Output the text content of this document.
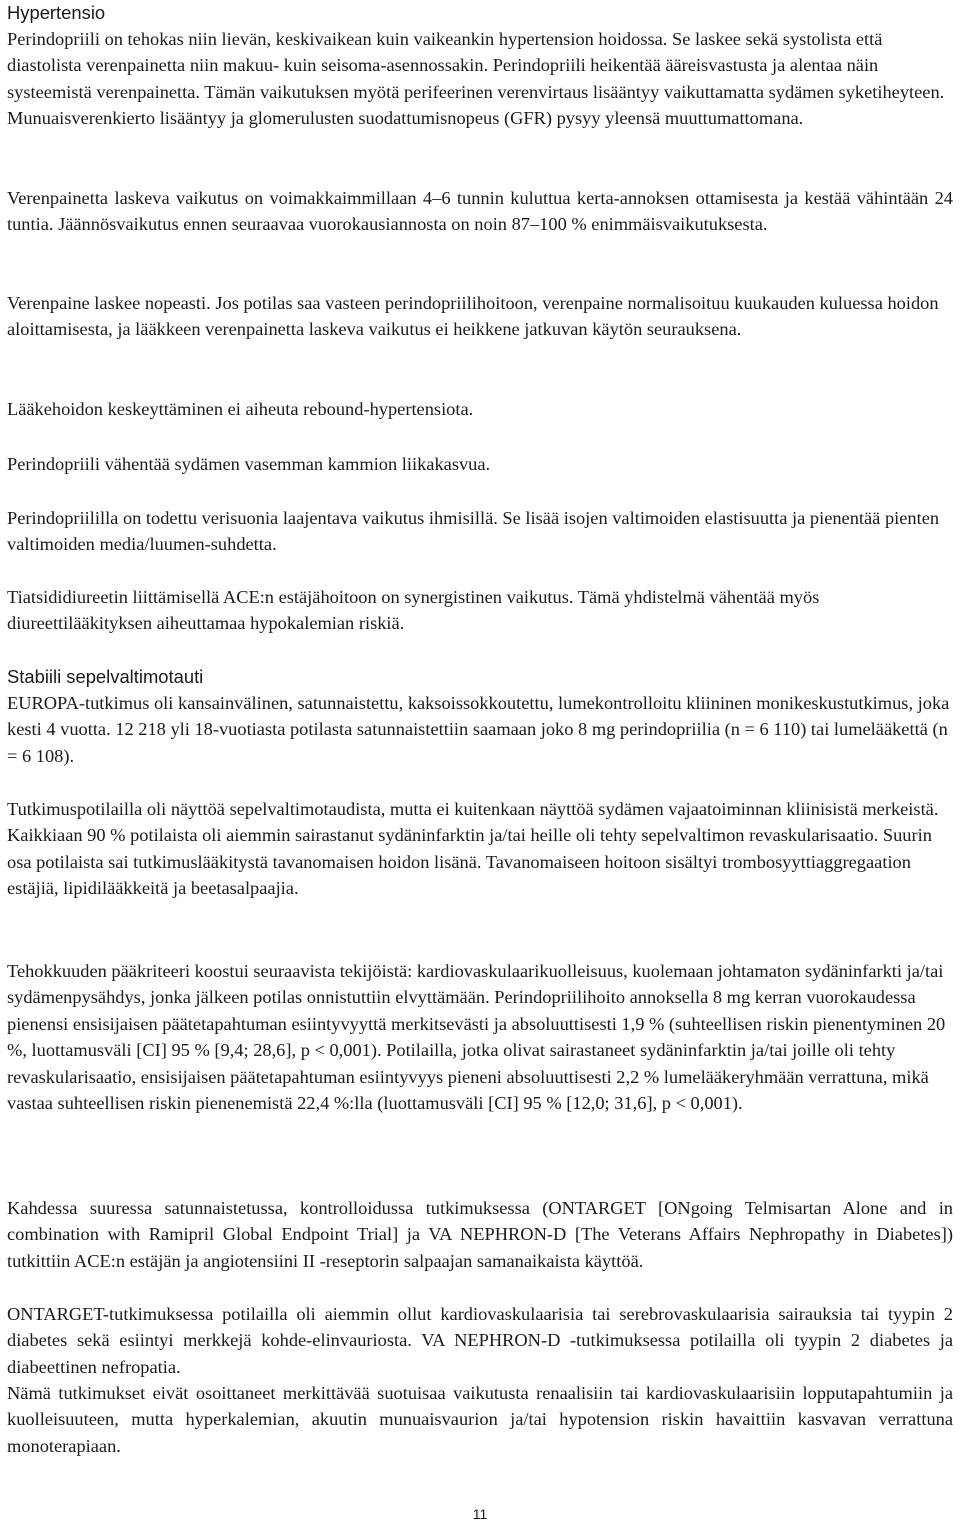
Hypertensio
Perindopriili on tehokas niin lievän, keskivaikean kuin vaikeankin hypertension hoidossa. Se laskee sekä systolista että diastolista verenpainetta niin makuu- kuin seisoma-asennossakin. Perindopriili heikentää ääreisvastusta ja alentaa näin systeemistä verenpainetta. Tämän vaikutuksen myötä perifeerinen verenvirtaus lisääntyy vaikuttamatta sydämen syketiheyteen. Munuaisverenkierto lisääntyy ja glomerulusten suodattumisnopeus (GFR) pysyy yleensä muuttumattomana.
Verenpainetta laskeva vaikutus on voimakkaimmillaan 4–6 tunnin kuluttua kerta-annoksen ottamisesta ja kestää vähintään 24 tuntia. Jäännösvaikutus ennen seuraavaa vuorokausiannosta on noin 87–100 % enimmäisvaikutuksesta.
Verenpaine laskee nopeasti. Jos potilas saa vasteen perindopriilihoitoon, verenpaine normalisoituu kuukauden kuluessa hoidon aloittamisesta, ja lääkkeen verenpainetta laskeva vaikutus ei heikkene jatkuvan käytön seurauksena.
Lääkehoidon keskeyttäminen ei aiheuta rebound-hypertensiota.
Perindopriili vähentää sydämen vasemman kammion liikakasvua.
Perindopriililla on todettu verisuonia laajentava vaikutus ihmisillä. Se lisää isojen valtimoiden elastisuutta ja pienentää pienten valtimoiden media/luumen-suhdetta.
Tiatsididiureetin liittämisellä ACE:n estäjähoitoon on synergistinen vaikutus. Tämä yhdistelmä vähentää myös diureettilääkityksen aiheuttamaa hypokalemian riskiä.
Stabiili sepelvaltimotauti
EUROPA-tutkimus oli kansainvälinen, satunnaistettu, kaksoissokkoutettu, lumekontrolloitu kliininen monikeskustutkimus, joka kesti 4 vuotta. 12 218 yli 18-vuotiasta potilasta satunnaistettiin saamaan joko 8 mg perindopriilia (n = 6 110) tai lumelääkettä (n = 6 108).
Tutkimuspotilailla oli näyttöä sepelvaltimotaudista, mutta ei kuitenkaan näyttöä sydämen vajaatoiminnan kliinisistä merkeistä. Kaikkiaan 90 % potilaista oli aiemmin sairastanut sydäninfarktin ja/tai heille oli tehty sepelvaltimon revaskularisaatio. Suurin osa potilaista sai tutkimuslääkitystä tavanomaisen hoidon lisänä. Tavanomaiseen hoitoon sisältyi trombosyyttiaggregaation estäjiä, lipidilääkkeitä ja beetasalpaajia.
Tehokkuuden pääkriteeri koostui seuraavista tekijöistä: kardiovaskulaarikuolleisuus, kuolemaan johtamaton sydäninfarkti ja/tai sydämenpysähdys, jonka jälkeen potilas onnistuttiin elvyttämään. Perindopriilihoito annoksella 8 mg kerran vuorokaudessa pienensi ensisijaisen päätetapahtuman esiintyvyyttä merkitsevästi ja absoluuttisesti 1,9 % (suhteellisen riskin pienentyminen 20 %, luottamusväli [CI] 95 % [9,4; 28,6], p < 0,001). Potilailla, jotka olivat sairastaneet sydäninfarktin ja/tai joille oli tehty revaskularisaatio, ensisijaisen päätetapahtuman esiintyvyys pieneni absoluuttisesti 2,2 % lumelääkeryhmään verrattuna, mikä vastaa suhteellisen riskin pienenemistä 22,4 %:lla (luottamusväli [CI] 95 % [12,0; 31,6], p < 0,001).
Kahdessa suuressa satunnaistetussa, kontrolloidussa tutkimuksessa (ONTARGET [ONgoing Telmisartan Alone and in combination with Ramipril Global Endpoint Trial] ja VA NEPHRON-D [The Veterans Affairs Nephropathy in Diabetes]) tutkittiin ACE:n estäjän ja angiotensiini II -reseptorin salpaajan samanaikaista käyttöä.
ONTARGET-tutkimuksessa potilailla oli aiemmin ollut kardiovaskulaarisia tai serebrovaskulaarisia sairauksia tai tyypin 2 diabetes sekä esiintyi merkkejä kohde-elinvauriosta. VA NEPHRON-D -tutkimuksessa potilailla oli tyypin 2 diabetes ja diabeettinen nefropatia.
Nämä tutkimukset eivät osoittaneet merkittävää suotuisaa vaikutusta renaalisiin tai kardiovaskulaarisiin lopputapahtumiin ja kuolleisuuteen, mutta hyperkalemian, akuutin munuaisvaurion ja/tai hypotension riskin havaittiin kasvavan verrattuna monoterapiaan.
11
